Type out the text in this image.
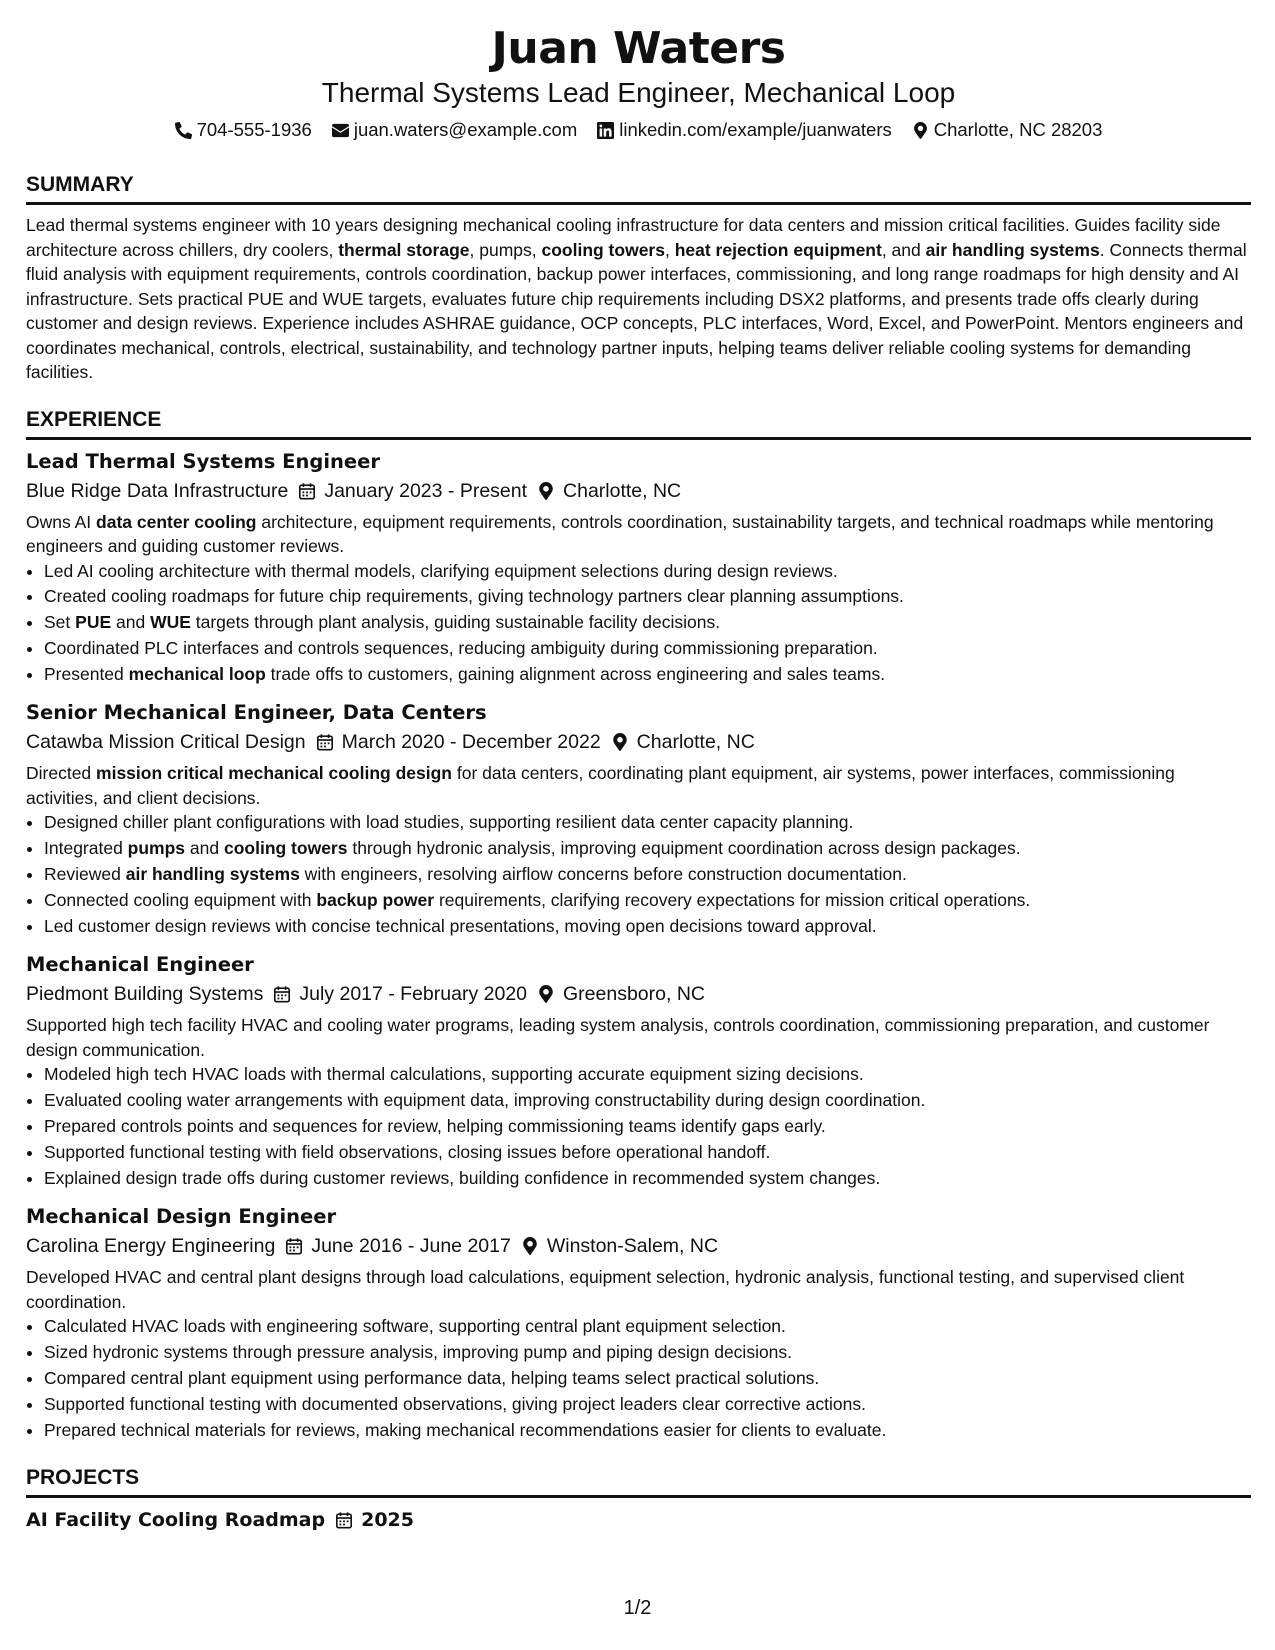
Juan Waters
Thermal Systems Lead Engineer, Mechanical Loop
704-555-1936 juan.waters@example.com linkedin.com/example/juanwaters Charlotte, NC 28203
SUMMARY
Lead thermal systems engineer with 10 years designing mechanical cooling infrastructure for data centers and mission critical facilities. Guides facility side architecture across chillers, dry coolers, thermal storage, pumps, cooling towers, heat rejection equipment, and air handling systems. Connects thermal fluid analysis with equipment requirements, controls coordination, backup power interfaces, commissioning, and long range roadmaps for high density and AI infrastructure. Sets practical PUE and WUE targets, evaluates future chip requirements including DSX2 platforms, and presents trade offs clearly during customer and design reviews. Experience includes ASHRAE guidance, OCP concepts, PLC interfaces, Word, Excel, and PowerPoint. Mentors engineers and coordinates mechanical, controls, electrical, sustainability, and technology partner inputs, helping teams deliver reliable cooling systems for demanding facilities.
EXPERIENCE
Lead Thermal Systems Engineer
Blue Ridge Data Infrastructure January 2023 - Present Charlotte, NC
Owns AI data center cooling architecture, equipment requirements, controls coordination, sustainability targets, and technical roadmaps while mentoring engineers and guiding customer reviews.
• Led AI cooling architecture with thermal models, clarifying equipment selections during design reviews.
• Created cooling roadmaps for future chip requirements, giving technology partners clear planning assumptions.
• Set PUE and WUE targets through plant analysis, guiding sustainable facility decisions.
• Coordinated PLC interfaces and controls sequences, reducing ambiguity during commissioning preparation.
• Presented mechanical loop trade offs to customers, gaining alignment across engineering and sales teams.
Senior Mechanical Engineer, Data Centers
Catawba Mission Critical Design March 2020 - December 2022 Charlotte, NC
Directed mission critical mechanical cooling design for data centers, coordinating plant equipment, air systems, power interfaces, commissioning activities, and client decisions.
• Designed chiller plant configurations with load studies, supporting resilient data center capacity planning.
• Integrated pumps and cooling towers through hydronic analysis, improving equipment coordination across design packages.
• Reviewed air handling systems with engineers, resolving airflow concerns before construction documentation.
• Connected cooling equipment with backup power requirements, clarifying recovery expectations for mission critical operations.
• Led customer design reviews with concise technical presentations, moving open decisions toward approval.
Mechanical Engineer
Piedmont Building Systems July 2017 - February 2020 Greensboro, NC
Supported high tech facility HVAC and cooling water programs, leading system analysis, controls coordination, commissioning preparation, and customer design communication.
• Modeled high tech HVAC loads with thermal calculations, supporting accurate equipment sizing decisions.
• Evaluated cooling water arrangements with equipment data, improving constructability during design coordination.
• Prepared controls points and sequences for review, helping commissioning teams identify gaps early.
• Supported functional testing with field observations, closing issues before operational handoff.
• Explained design trade offs during customer reviews, building confidence in recommended system changes.
Mechanical Design Engineer
Carolina Energy Engineering June 2016 - June 2017 Winston-Salem, NC
Developed HVAC and central plant designs through load calculations, equipment selection, hydronic analysis, functional testing, and supervised client coordination.
• Calculated HVAC loads with engineering software, supporting central plant equipment selection.
• Sized hydronic systems through pressure analysis, improving pump and piping design decisions.
• Compared central plant equipment using performance data, helping teams select practical solutions.
• Supported functional testing with documented observations, giving project leaders clear corrective actions.
• Prepared technical materials for reviews, making mechanical recommendations easier for clients to evaluate.
PROJECTS
AI Facility Cooling Roadmap 2025
1/2
